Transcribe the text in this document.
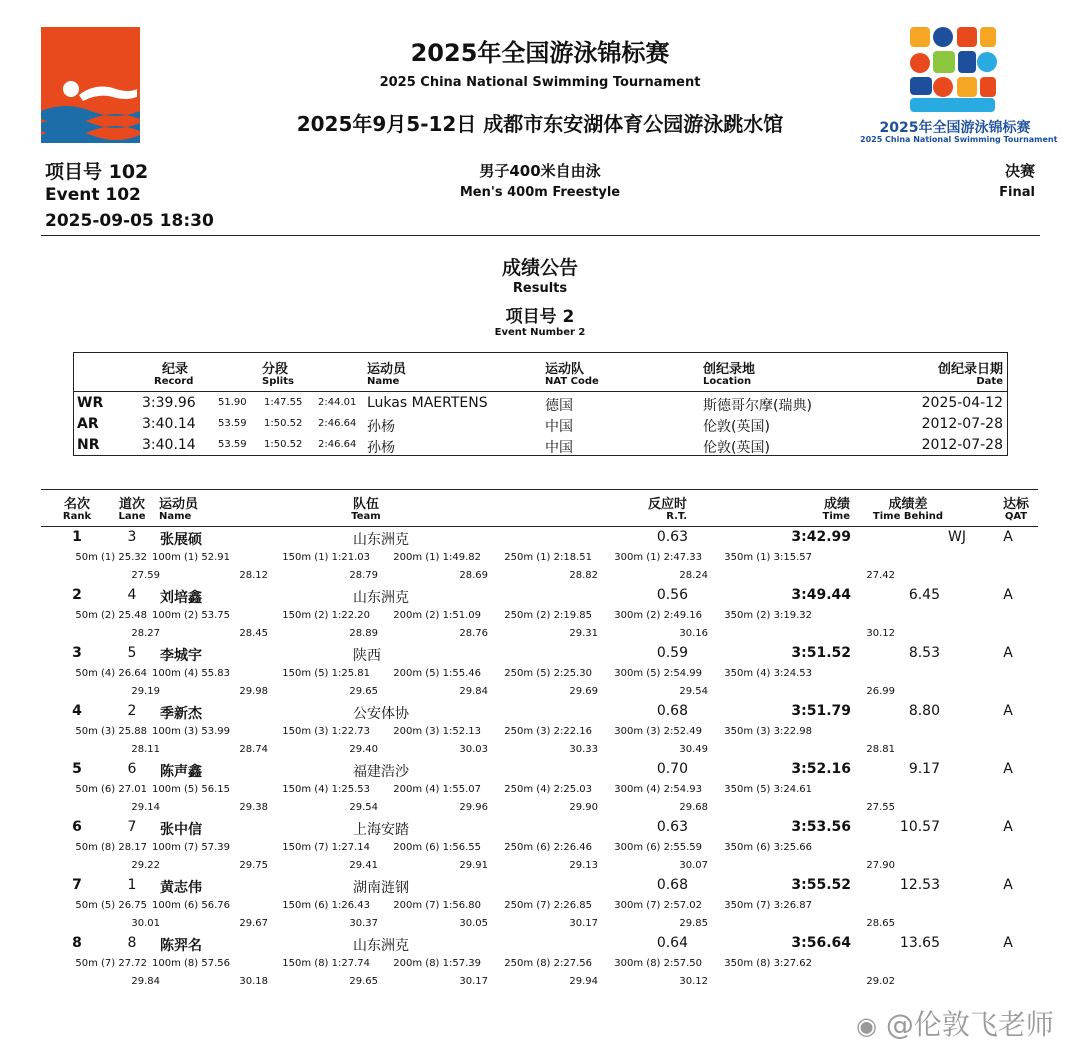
2025年全国游泳锦标赛
2025 China National Swimming Tournament
2025年9月5-12日 成都市东安湖体育公园游泳跳水馆	2025年全国游泳锦标赛
2025 China National Swimming Tournament
项目号 102
Event 102
2025-09-05 18:30
男子400米自由泳
Men's 400m Freestyle
决赛
Final
成绩公告
Results
项目号 2
Event Number 2
纪录
Record
分段
Splits
运动员
Name
运动队
NAT Code
创纪录地
Location
创纪录日期
Date
WR	3:39.96 51.90 1:47.55 2:44.01 Lukas MAERTENS	德国	斯德哥尔摩(瑞典)	2025-04-12
AR	3:40.14 53.59 1:50.52 2:46.64 孙杨	中国	伦敦(英国)	2012-07-28
NR	3:40.14 53.59 1:50.52 2:46.64 孙杨	中国	伦敦(英国)	2012-07-28
名次
Rank
道次
Lane
运动员
Name
队伍
Team
反应时
R.T.
成绩
Time
成绩差
Time Behind
达标
QAT
1	3	张展硕	山东洲克	0.63	3:42.99	WJ	A
50m (1) 25.32 100m (1) 52.91	150m (1) 1:21.03	200m (1) 1:49.82	250m (1) 2:18.51	300m (1) 2:47.33	350m (1) 3:15.57
27.59	28.12	28.79	28.69	28.82	28.24	27.42
2	4	刘培鑫	山东洲克	0.56	3:49.44	6.45	A
50m (2) 25.48 100m (2) 53.75	150m (2) 1:22.20	200m (2) 1:51.09	250m (2) 2:19.85	300m (2) 2:49.16	350m (2) 3:19.32
28.27	28.45	28.89	28.76	29.31	30.16	30.12
3	5	李城宇	陕西	0.59	3:51.52	8.53	A
50m (4) 26.64 100m (4) 55.83	150m (5) 1:25.81	200m (5) 1:55.46	250m (5) 2:25.30	300m (5) 2:54.99	350m (4) 3:24.53
29.19	29.98	29.65	29.84	29.69	29.54	26.99
4	2	季新杰	公安体协	0.68	3:51.79	8.80	A
50m (3) 25.88 100m (3) 53.99	150m (3) 1:22.73	200m (3) 1:52.13	250m (3) 2:22.16	300m (3) 2:52.49	350m (3) 3:22.98
28.11	28.74	29.40	30.03	30.33	30.49	28.81
5	6	陈声鑫	福建浩沙	0.70	3:52.16	9.17	A
50m (6) 27.01 100m (5) 56.15	150m (4) 1:25.53	200m (4) 1:55.07	250m (4) 2:25.03	300m (4) 2:54.93	350m (5) 3:24.61
29.14	29.38	29.54	29.96	29.90	29.68	27.55
6	7	张中信	上海安踏	0.63	3:53.56	10.57	A
50m (8) 28.17 100m (7) 57.39	150m (7) 1:27.14	200m (6) 1:56.55	250m (6) 2:26.46	300m (6) 2:55.59	350m (6) 3:25.66
29.22	29.75	29.41	29.91	29.13	30.07	27.90
7	1	黄志伟	湖南涟钢	0.68	3:55.52	12.53	A
50m (5) 26.75 100m (6) 56.76	150m (6) 1:26.43	200m (7) 1:56.80	250m (7) 2:26.85	300m (7) 2:57.02	350m (7) 3:26.87
30.01	29.67	30.37	30.05	30.17	29.85	28.65
8	8	陈羿名	山东洲克	0.64	3:56.64	13.65	A
50m (7) 27.72 100m (8) 57.56	150m (8) 1:27.74	200m (8) 1:57.39	250m (8) 2:27.56	300m (8) 2:57.50	350m (8) 3:27.62
29.84	30.18	29.65	30.17	29.94	30.12	29.02
◉ @伦敦飞老师
